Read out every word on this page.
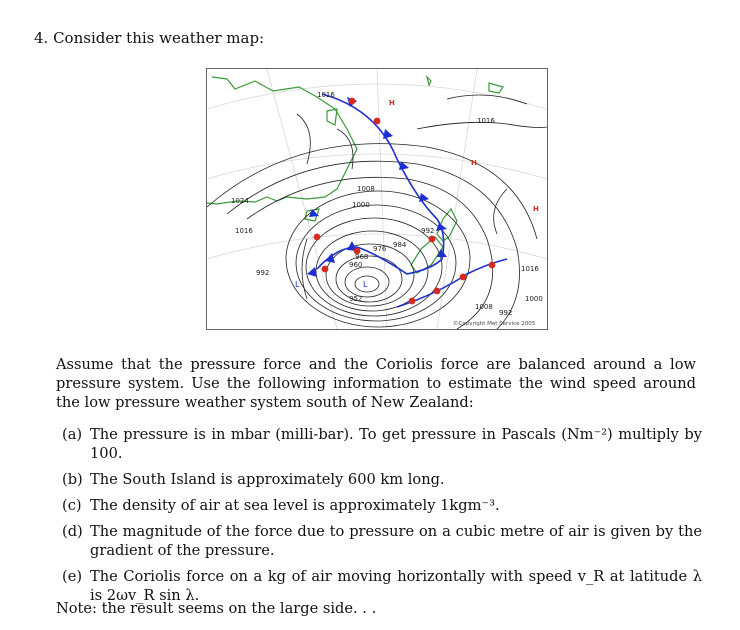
4. Consider this weather map:
1016
1016
1024
1016
1008
1000
976 984
968
960
952
992
992
1016
1008
1000
992
H
H
H
L	L
©Copyright Met Service 2005
Assume that the pressure force and the Coriolis force are balanced around a low pressure system. Use the following information to estimate the wind speed around the low pressure weather system south of New Zealand:
(a) The pressure is in mbar (milli-bar). To get pressure in Pascals (Nm⁻²) multiply by 100.
(b) The South Island is approximately 600 km long.
(c) The density of air at sea level is approximately 1kgm⁻³.
(d) The magnitude of the force due to pressure on a cubic metre of air is given by the gradient of the pressure.
(e) The Coriolis force on a kg of air moving horizontally with speed v_R at latitude λ is 2ωv_R sin λ.
Note: the result seems on the large side. . .
